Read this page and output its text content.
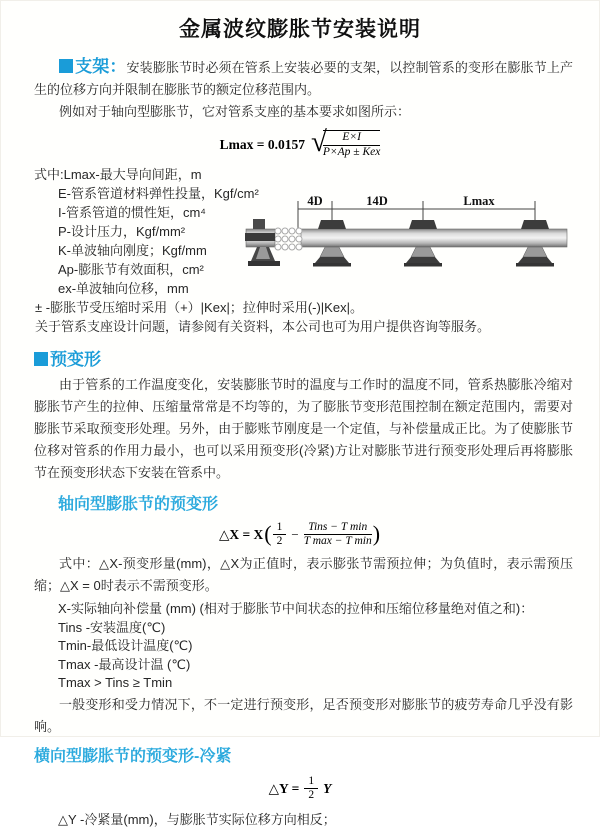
金属波纹膨胀节安装说明

支架：安装膨胀节时必须在管系上安装必要的支架，以控制管系的变形在膨胀节上产生的位移方向并限制在膨胀节的额定位移范围内。

例如对于轴向型膨胀节，它对管系支座的基本要求如图所示：

Lmax = 0.0157 √
$\frac{E\times I}{\text{P×Ap ± Kex}}$

式中:Lmax-最大导向间距，m

E-管系管道材料弹性投量，Kgf/cm²

I-管系管道的惯性矩，cm⁴

P-设计压力，Kgf/mm²

K-单波轴向刚度；Kgf/mm

Ap-膨胀节有效面积，cm²

ex-单波轴向位移，mm

± -膨胀节受压缩时采用（+）|Kex|；拉伸时采用(-)|Kex|。

关于管系支座设计问题，请参阅有关资料，本公司也可为用户提供咨询等服务。

4D	14D	Lmax
预变形

由于管系的工作温度变化，安装膨胀节时的温度与工作时的温度不同，管系热膨胀冷缩对膨胀节产生的拉伸、压缩量常常是不均等的，为了膨胀节变形范围控制在额定范围内，需要对膨胀节采取预变形处理。另外，由于膨账节刚度是一个定值，与补偿量成正比。为了使膨胀节位移对管系的作用力最小，也可以采用预变形(冷紧)方让对膨胀节进行预变形处理后再将膨胀节在预变形状态下安装在管系中。

轴向型膨胀节的预变形
△X = X ( $\frac{1}{2} - \frac{\text{Tins − T min}}{\text{T max − T min}}$ )

式中：△X-预变形量(mm)，△X为正值时，表示膨张节需预拉伸；为负值时，表示需预压缩；△X = 0时表示不需预变形。

X-实际轴向补偿量 (mm) (相对于膨胀节中间状态的拉伸和压缩位移量绝对值之和)：

Tins -安装温度(℃)

Tmin-最低设计温度(℃)

Tmax -最高设计温 (℃)

Tmax > Tins ≥ Tmin

一般变形和受力情况下，不一定进行预变形，足否预变形对膨胀节的疲劳寿命几乎没有影响。

横向型膨胀节的预变形-冷紧
△Y = $\frac{1}{2}$ Y

△Y -冷紧量(mm)，与膨胀节实际位移方向相反；
